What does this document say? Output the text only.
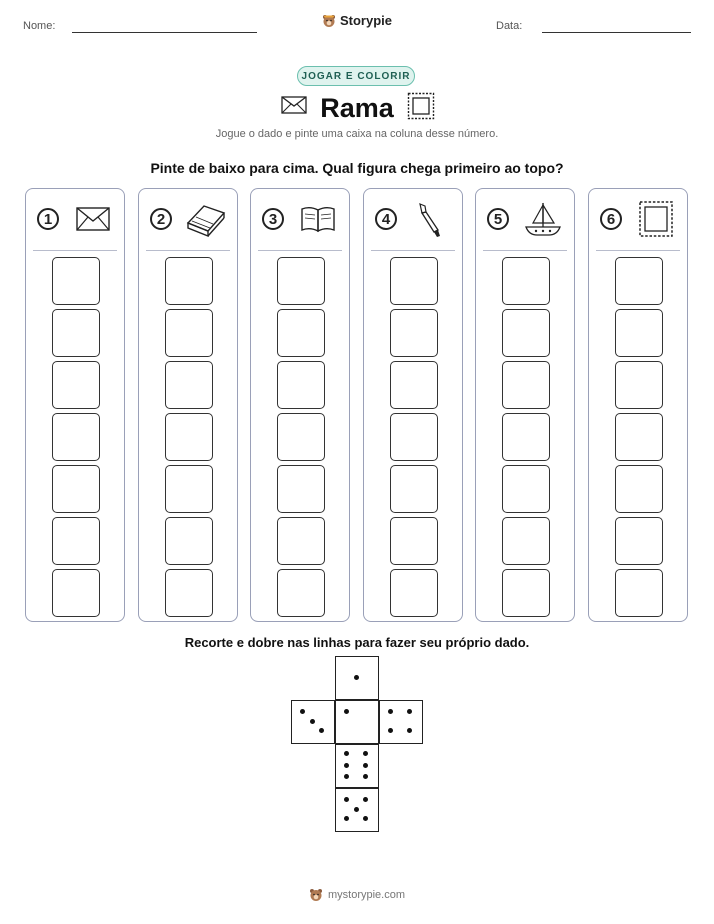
Nome:	Storypie	Data:
JOGAR E COLORIR
Rama
Jogue o dado e pinte uma caixa na coluna desse número.
Pinte de baixo para cima. Qual figura chega primeiro ao topo?
1	2	3	4	5	6
Recorte e dobre nas linhas para fazer seu próprio dado.
mystorypie.com
